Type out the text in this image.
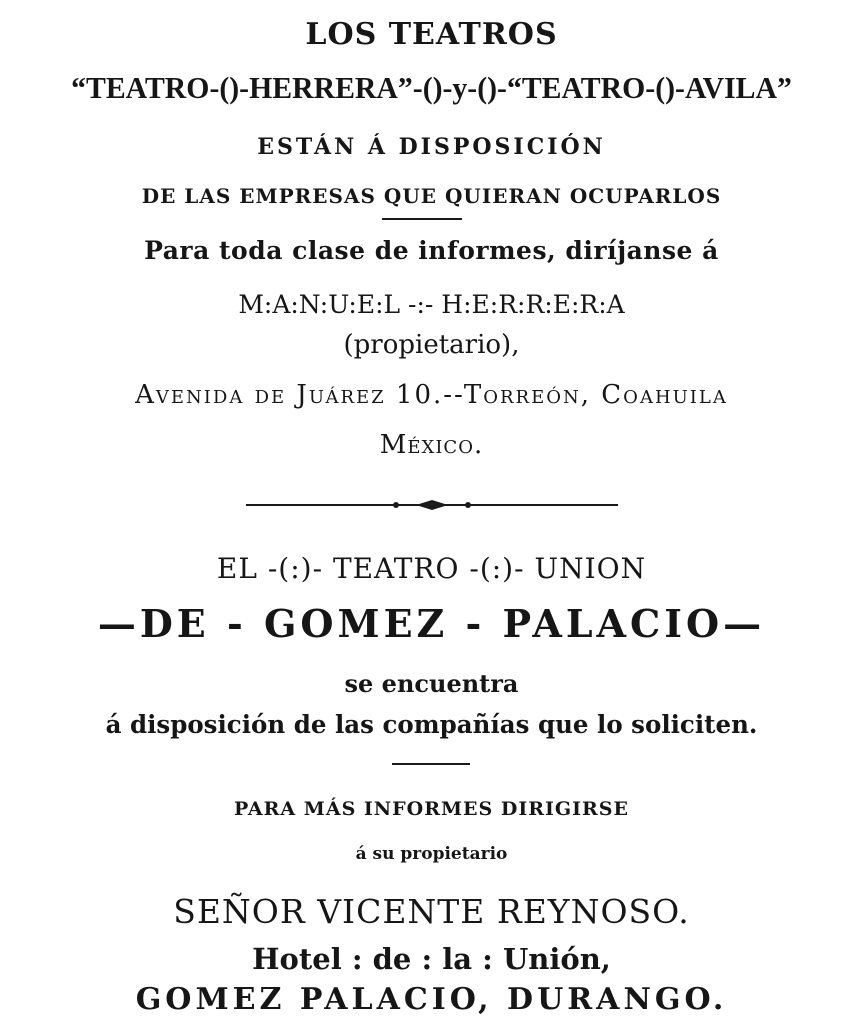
LOS TEATROS
“TEATRO-()-HERRERA”-()-y-()-“TEATRO-()-AVILA”
ESTÁN Á DISPOSICIÓN
DE LAS EMPRESAS QUE QUIERAN OCUPARLOS
Para toda clase de informes, diríjanse á
M:A:N:U:E:L -:- H:E:R:R:E:R:A
(propietario),
Avenida de Juárez 10.--Torreón, Coahuila
México.
EL -(:)- TEATRO -(:)- UNION
—DE - GOMEZ - PALACIO—
se encuentra
á disposición de las compañías que lo soliciten.
PARA MÁS INFORMES DIRIGIRSE
á su propietario
SEÑOR VICENTE REYNOSO.
Hotel : de : la : Unión,
GOMEZ PALACIO, DURANGO.
